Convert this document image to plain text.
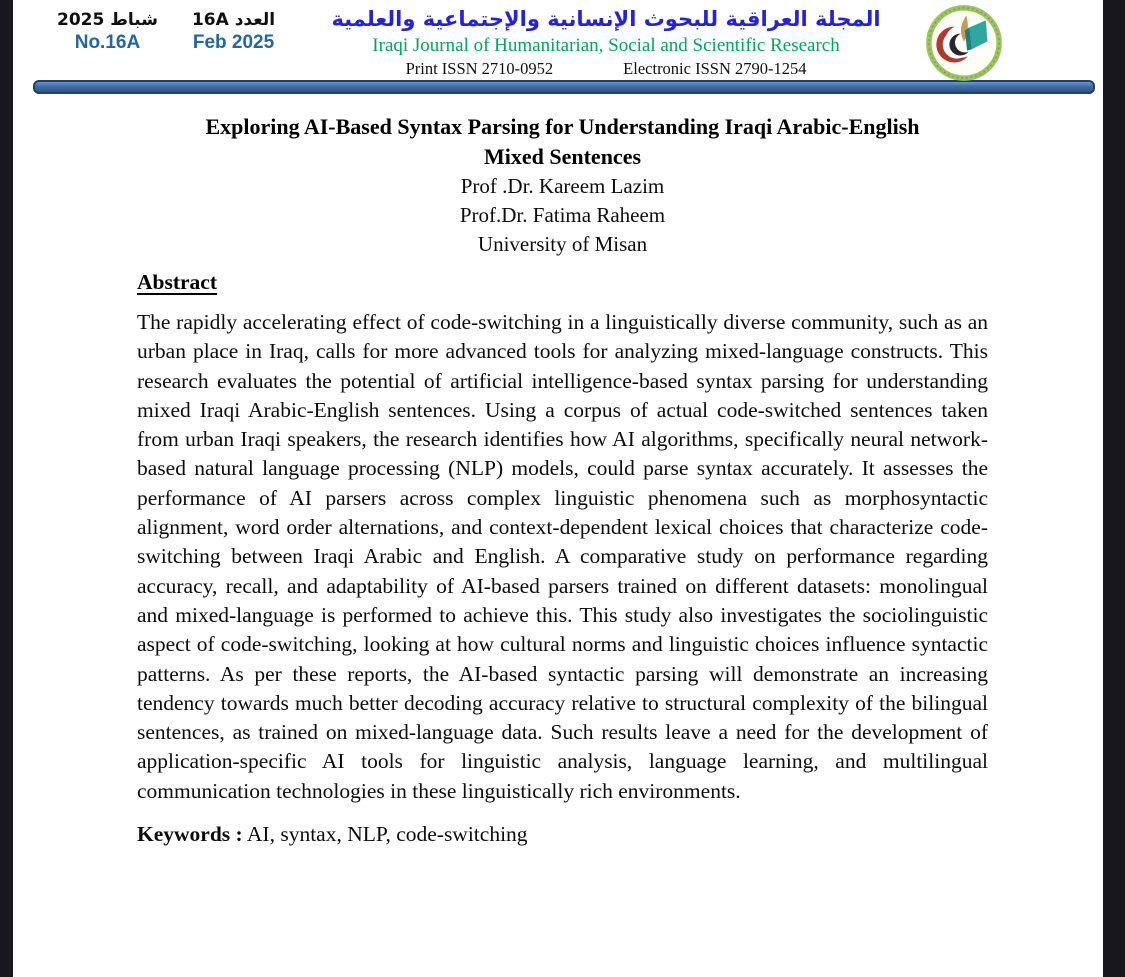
شباط 2025
No.16A
العدد 16A
Feb 2025
المجلة العراقية للبحوث الإنسانية والإجتماعية والعلمية
Iraqi Journal of Humanitarian, Social and Scientific Research
Print ISSN 2710-0952	Electronic ISSN 2790-1254
Exploring AI-Based Syntax Parsing for Understanding Iraqi Arabic-English
Mixed Sentences
Prof .Dr. Kareem Lazim
Prof.Dr. Fatima Raheem
University of Misan
Abstract

The rapidly accelerating effect of code-switching in a linguistically diverse community, such as an urban place in Iraq, calls for more advanced tools for analyzing mixed-language constructs. This research evaluates the potential of artificial intelligence-based syntax parsing for understanding mixed Iraqi Arabic-English sentences. Using a corpus of actual code-switched sentences taken from urban Iraqi speakers, the research identifies how AI algorithms, specifically neural network-based natural language processing (NLP) models, could parse syntax accurately. It assesses the performance of AI parsers across complex linguistic phenomena such as morphosyntactic alignment, word order alternations, and context-dependent lexical choices that characterize code-switching between Iraqi Arabic and English. A comparative study on performance regarding accuracy, recall, and adaptability of AI-based parsers trained on different datasets: monolingual and mixed-language is performed to achieve this. This study also investigates the sociolinguistic aspect of code-switching, looking at how cultural norms and linguistic choices influence syntactic patterns. As per these reports, the AI-based syntactic parsing will demonstrate an increasing tendency towards much better decoding accuracy relative to structural complexity of the bilingual sentences, as trained on mixed-language data. Such results leave a need for the development of application-specific AI tools for linguistic analysis, language learning, and multilingual communication technologies in these linguistically rich environments.

Keywords : AI, syntax, NLP, code-switching
